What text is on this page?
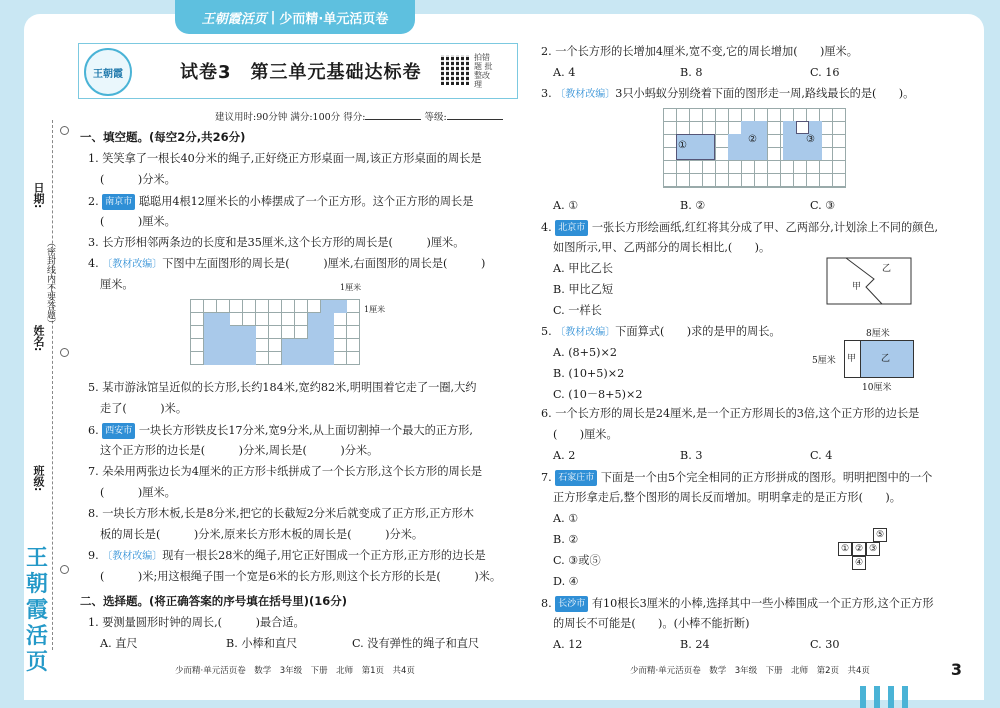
王朝霞活页 | 少而精·单元活页卷
王朝霞	试卷3　第三单元基础达标卷
拍错题 批整改理
建议用时:90分钟 满分:100分 得分:	等级:
日期:
（密封线内不要答题）
姓名:
班级:
王朝霞活页
一、填空题。(每空2分,共26分)
1. 笑笑拿了一根长40分米的绳子,正好绕正方形桌面一周,该正方形桌面的周长是
(　　　)分米。
2. 南京市 聪聪用4根12厘米长的小棒摆成了一个正方形。这个正方形的周长是
(　　　)厘米。
3. 长方形相邻两条边的长度和是35厘米,这个长方形的周长是(　　　)厘米。
4. 〔教材改编〕下图中左面图形的周长是(　　　)厘米,右面图形的周长是(　　　)
厘米。	1厘米
1厘米
5. 某市游泳馆呈近似的长方形,长约184米,宽约82米,明明围着它走了一圈,大约
走了(　　　)米。
6. 西安市 一块长方形铁皮长17分米,宽9分米,从上面切割掉一个最大的正方形,
这个正方形的边长是(　　　)分米,周长是(　　　)分米。
7. 朵朵用两张边长为4厘米的正方形卡纸拼成了一个长方形,这个长方形的周长是
(　　　)厘米。
8. 一块长方形木板,长是8分米,把它的长截短2分米后就变成了正方形,正方形木
板的周长是(　　　)分米,原来长方形木板的周长是(　　　)分米。
9. 〔教材改编〕现有一根长28米的绳子,用它正好围成一个正方形,正方形的边长是
(　　　)米;用这根绳子围一个宽是6米的长方形,则这个长方形的长是(　　　)米。
二、选择题。(将正确答案的序号填在括号里)(16分)
1. 要测量圆形时钟的周长,(　　　)最合适。
A. 直尺	B. 小棒和直尺	C. 没有弹性的绳子和直尺
少而精·单元活页卷　数学　3年级　下册　北师　第1页　共4页
2. 一个长方形的长增加4厘米,宽不变,它的周长增加(　　)厘米。
A. 4	B. 8	C. 16
3. 〔教材改编〕3只小蚂蚁分别绕着下面的图形走一周,路线最长的是(　　)。
①
②	③
A. ①	B. ②	C. ③
4. 北京市 一张长方形绘画纸,红红将其分成了甲、乙两部分,计划涂上不同的颜色,
如图所示,甲、乙两部分的周长相比,(　　)。
A. 甲比乙长
B. 甲比乙短
C. 一样长
甲
乙
5. 〔教材改编〕下面算式(　　)求的是甲的周长。
A. (8+5)×2
B. (10+5)×2
C. (10－8+5)×2
8厘米
5厘米
10厘米
甲	乙
6. 一个长方形的周长是24厘米,是一个正方形周长的3倍,这个正方形的边长是
(　　)厘米。
A. 2	B. 3	C. 4
7. 石家庄市 下面是一个由5个完全相同的正方形拼成的图形。明明把图中的一个
正方形拿走后,整个图形的周长反而增加。明明拿走的是正方形(　　)。
A. ①
B. ②
C. ③或⑤
D. ④
⑤
① ② ③
④
8. 长沙市 有10根长3厘米的小棒,选择其中一些小棒围成一个正方形,这个正方形
的周长不可能是(　　)。(小棒不能折断)
A. 12	B. 24	C. 30
少而精·单元活页卷　数学　3年级　下册　北师　第2页　共4页	3
